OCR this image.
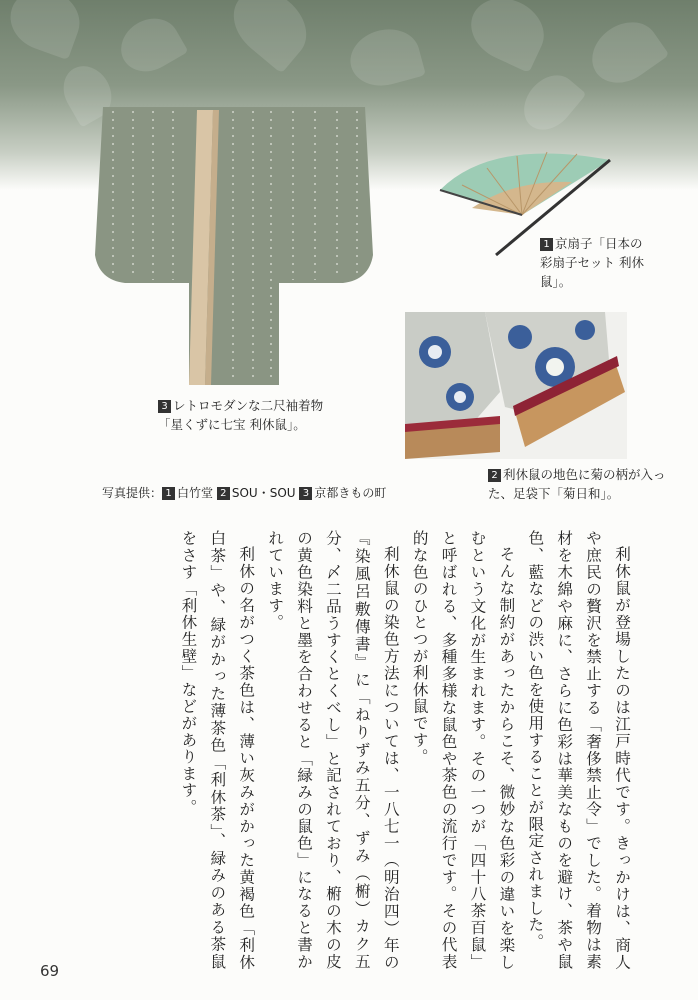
1 京扇子「日本の彩扇子セット 利休鼠」。
3 レトロモダンな二尺袖着物「星くずに七宝 利休鼠」。
2 利休鼠の地色に菊の柄が入った、足袋下「菊日和」。
写真提供： 1 白竹堂 2 SOU・SOU 3 京都きもの町

利休鼠が登場したのは江戸時代です。きっかけは、商人や庶民の贅沢を禁止する「奢侈禁止令」でした。着物は素材を木綿や麻に、さらに色彩は華美なものを避け、茶や鼠色、藍などの渋い色を使用することが限定されました。

そんな制約があったからこそ、微妙な色彩の違いを楽しむという文化が生まれます。その一つが「四十八茶百鼠」と呼ばれる、多種多様な鼠色や茶色の流行です。その代表的な色のひとつが利休鼠です。

利休鼠の染色方法については、一八七一（明治四）年の『染風呂敷傳書』に「ねりずみ五分、ずみ（椨）カク五分、〆二品うすくとくべし」と記されており、椨の木の皮の黄色染料と墨を合わせると「緑みの鼠色」になると書かれています。

利休の名がつく茶色は、薄い灰みがかった黄褐色「利休白茶」や、緑がかった薄茶色「利休茶」、緑みのある茶鼠をさす「利休生壁」などがあります。

69
